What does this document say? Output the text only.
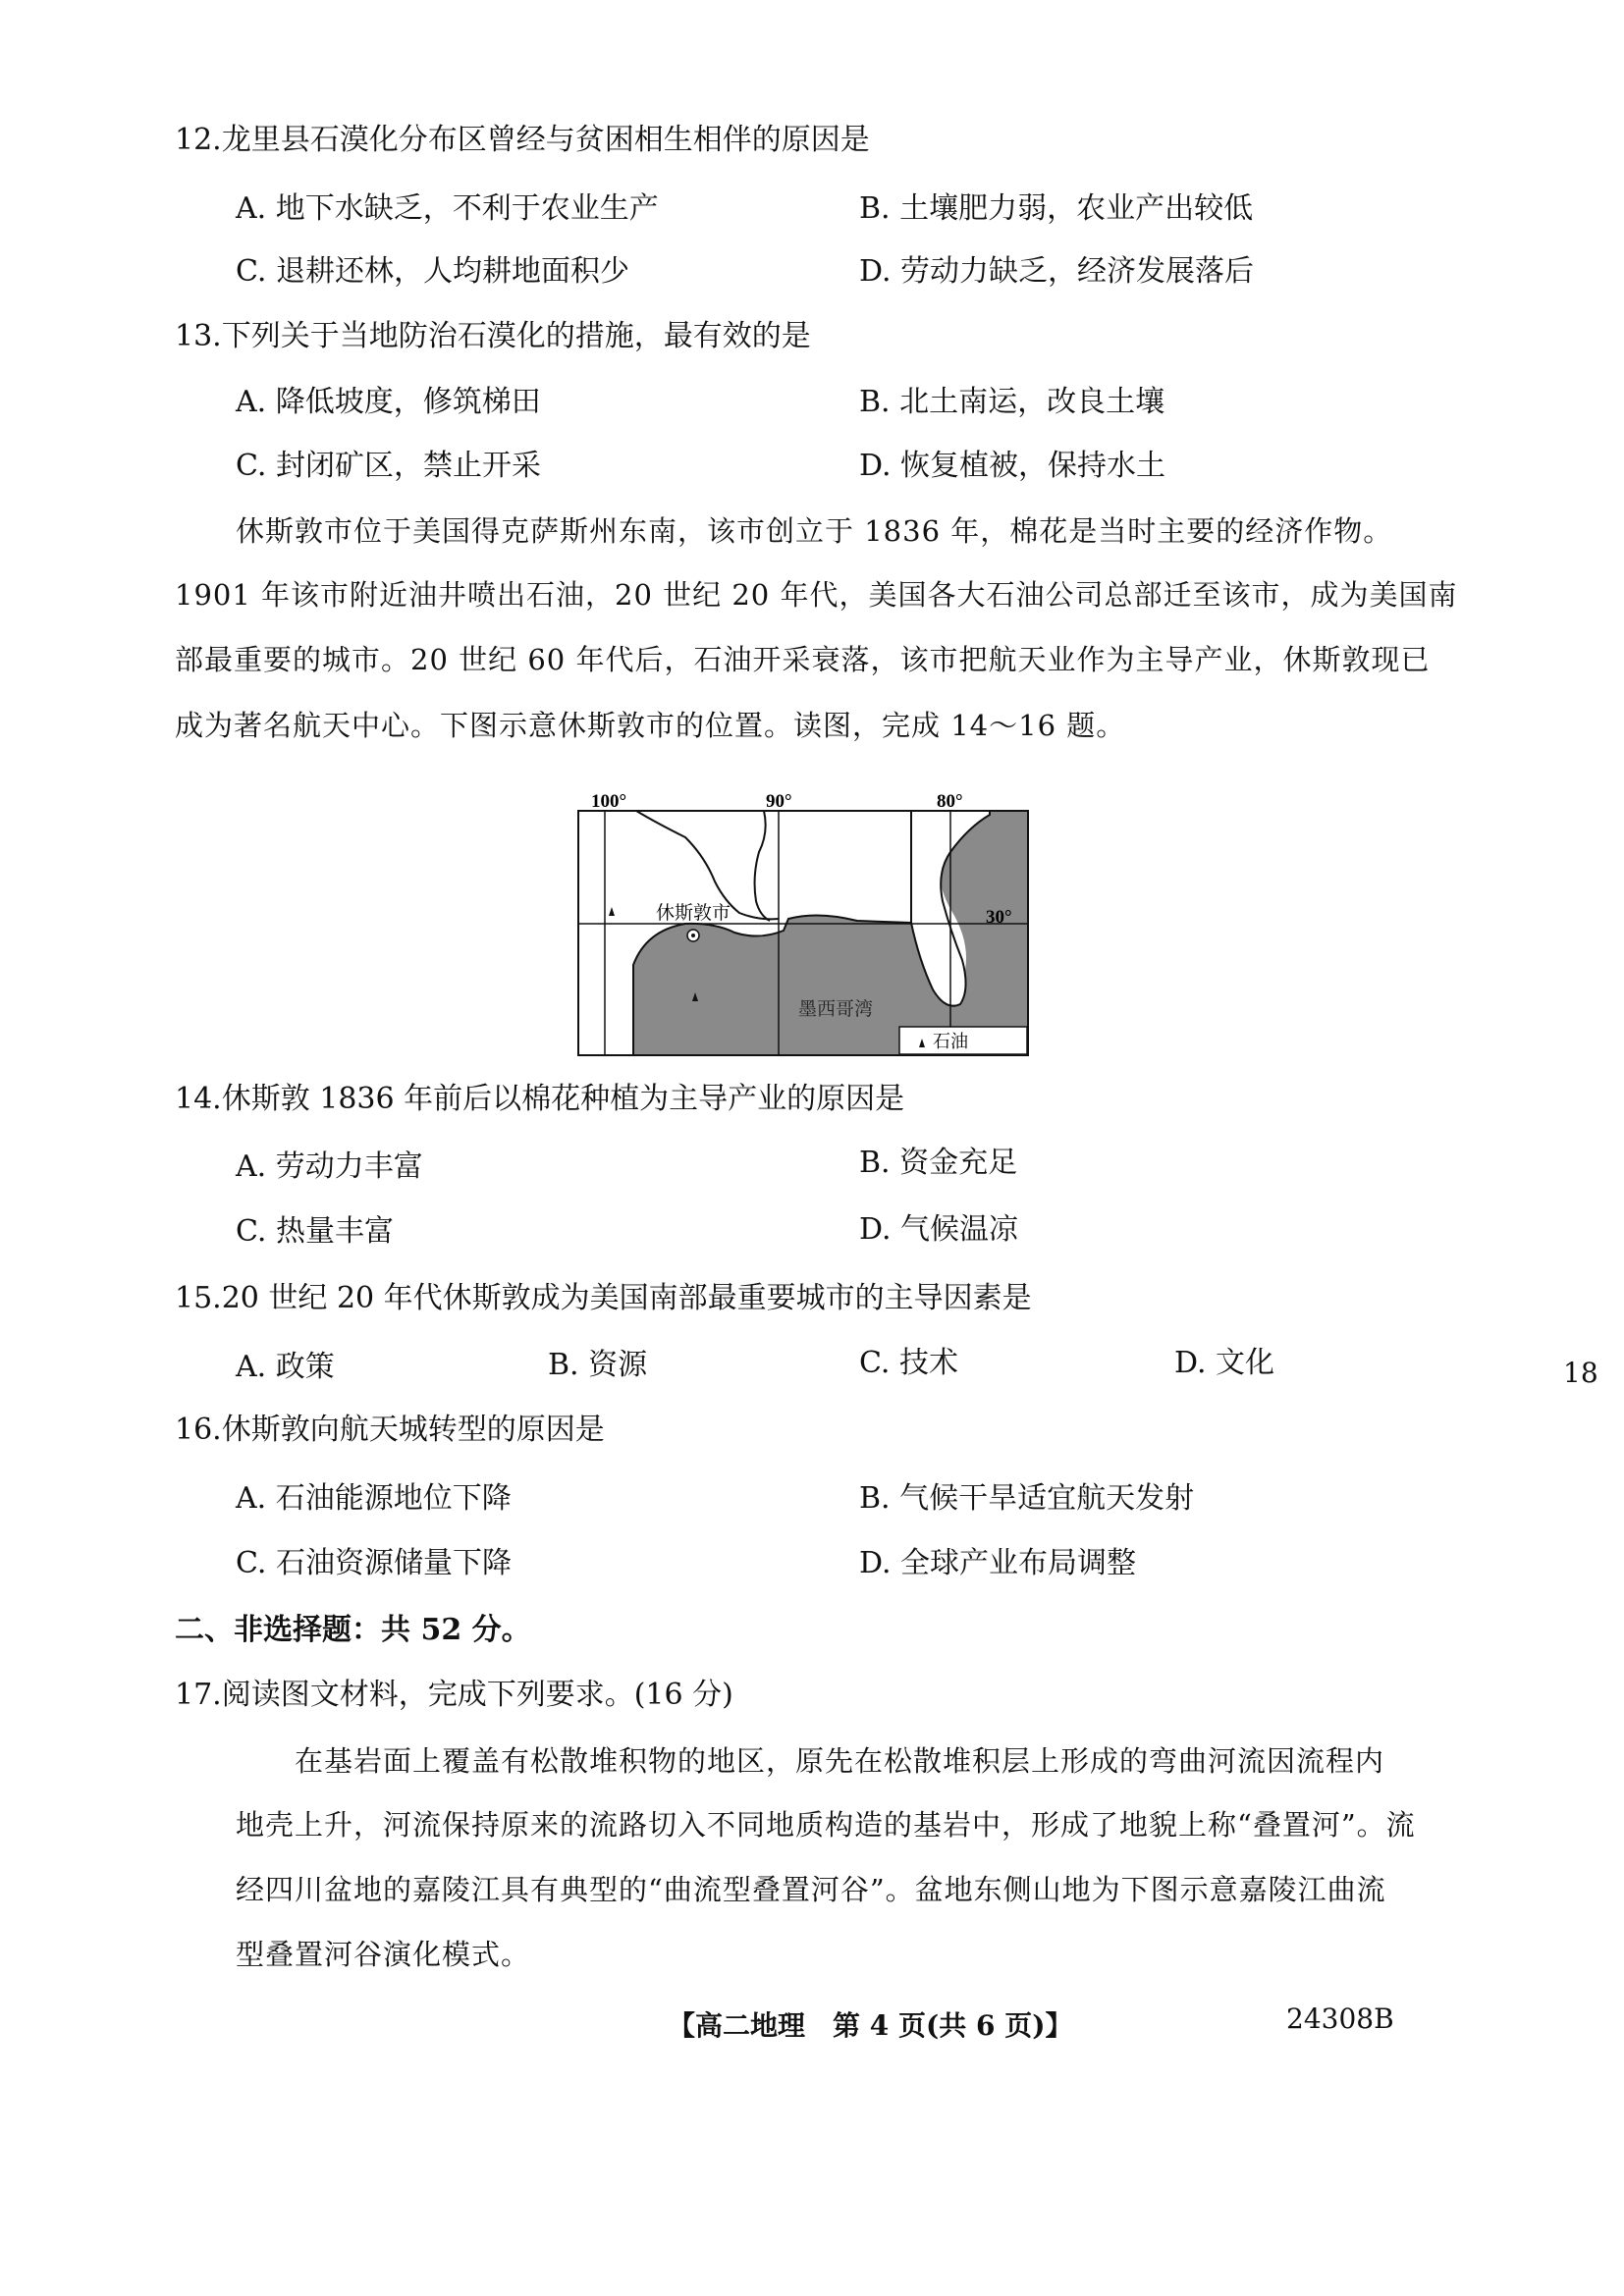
12.龙里县石漠化分布区曾经与贫困相生相伴的原因是
A. 地下水缺乏，不利于农业生产	B. 土壤肥力弱，农业产出较低
C. 退耕还林，人均耕地面积少	D. 劳动力缺乏，经济发展落后
13.下列关于当地防治石漠化的措施，最有效的是
A. 降低坡度，修筑梯田	B. 北土南运，改良土壤
C. 封闭矿区，禁止开采	D. 恢复植被，保持水土
休斯敦市位于美国得克萨斯州东南，该市创立于 1836 年，棉花是当时主要的经济作物。
1901 年该市附近油井喷出石油，20 世纪 20 年代，美国各大石油公司总部迁至该市，成为美国南
部最重要的城市。20 世纪 60 年代后，石油开采衰落，该市把航天业作为主导产业，休斯敦现已
成为著名航天中心。下图示意休斯敦市的位置。读图，完成 14～16 题。
100°	90°	80°
30°
休斯敦市
墨西哥湾
石油
14.休斯敦 1836 年前后以棉花种植为主导产业的原因是
A. 劳动力丰富	B. 资金充足
C. 热量丰富	D. 气候温凉
15.20 世纪 20 年代休斯敦成为美国南部最重要城市的主导因素是
A. 政策	B. 资源	C. 技术	D. 文化	18
16.休斯敦向航天城转型的原因是
A. 石油能源地位下降	B. 气候干旱适宜航天发射
C. 石油资源储量下降	D. 全球产业布局调整
二、非选择题：共 52 分。
17.阅读图文材料，完成下列要求。(16 分)
在基岩面上覆盖有松散堆积物的地区，原先在松散堆积层上形成的弯曲河流因流程内
地壳上升，河流保持原来的流路切入不同地质构造的基岩中，形成了地貌上称“叠置河”。流
经四川盆地的嘉陵江具有典型的“曲流型叠置河谷”。盆地东侧山地为下图示意嘉陵江曲流
型叠置河谷演化模式。
【高二地理　第 4 页(共 6 页)】	24308B
